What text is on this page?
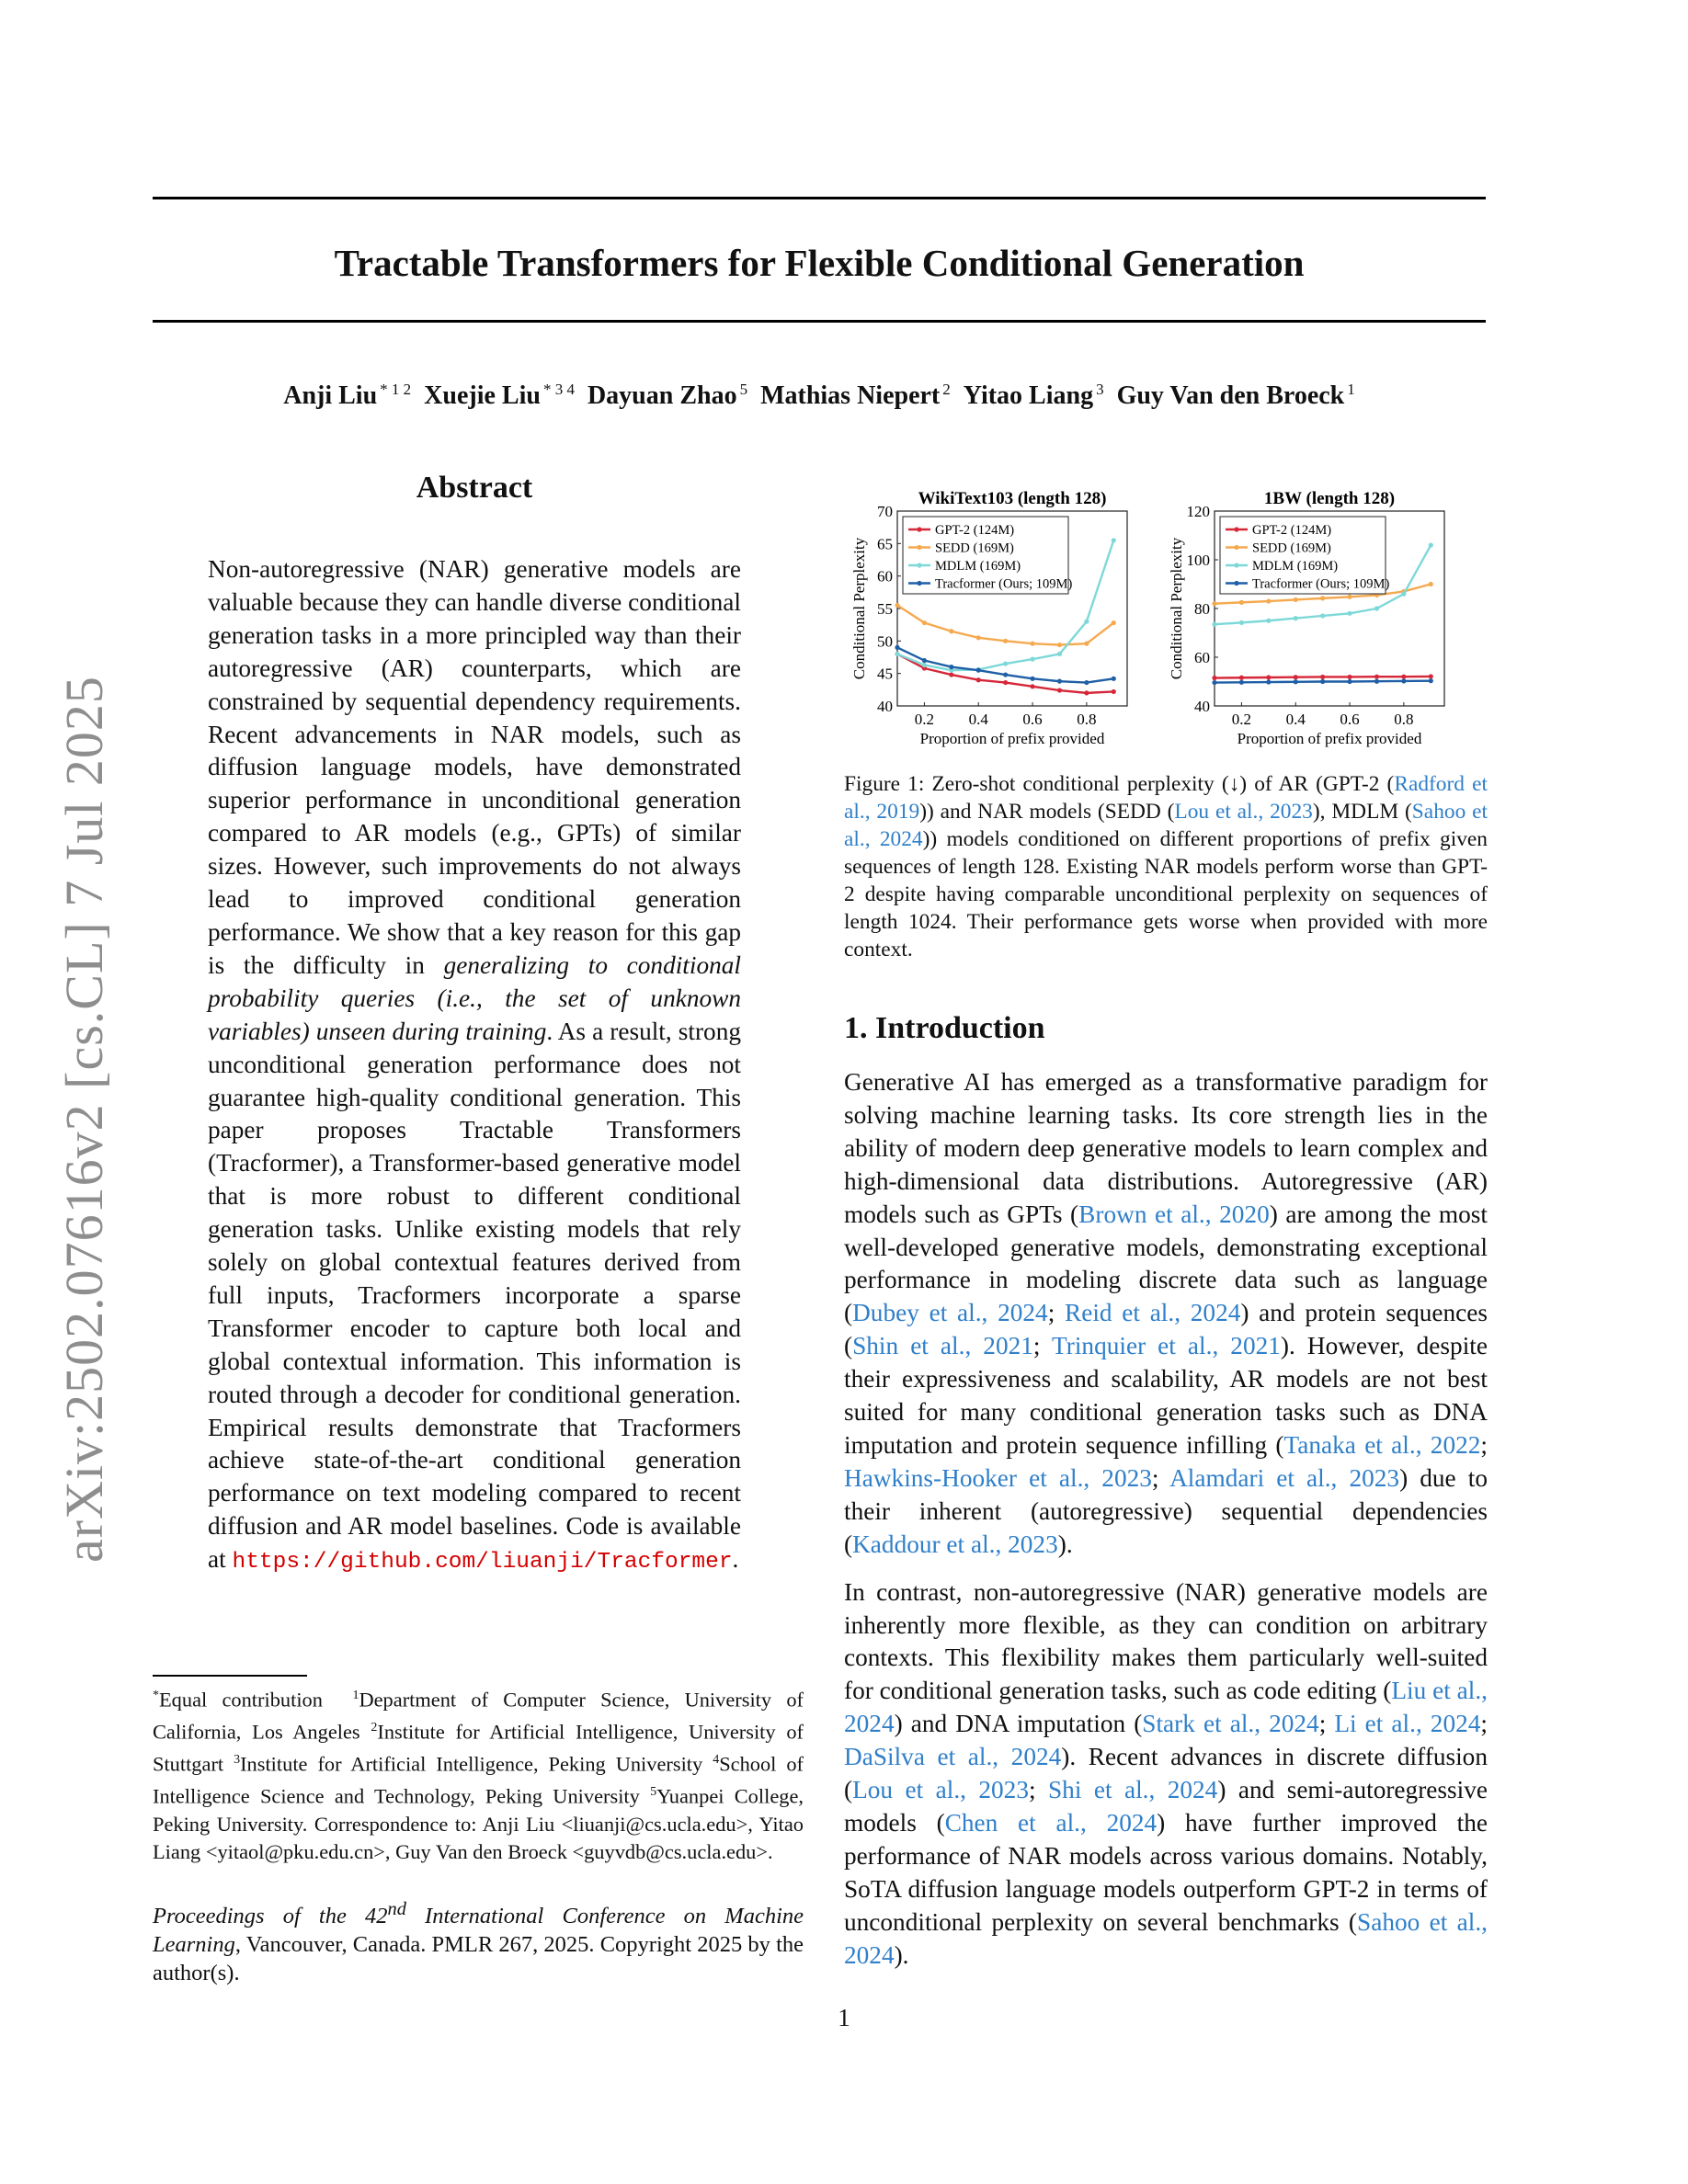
arXiv:2502.07616v2 [cs.CL] 7 Jul 2025
Tractable Transformers for Flexible Conditional Generation
Anji Liu $^{* 1 2}$ Xuejie Liu $^{* 3 4}$ Dayuan Zhao $^5$ Mathias Niepert $^2$ Yitao Liang $^3$ Guy Van den Broeck $^1$
Abstract

Non-autoregressive (NAR) generative models are valuable because they can handle diverse conditional generation tasks in a more principled way than their autoregressive (AR) counterparts, which are constrained by sequential dependency requirements. Recent advancements in NAR models, such as diffusion language models, have demonstrated superior performance in unconditional generation compared to AR models (e.g., GPTs) of similar sizes. However, such improvements do not always lead to improved conditional generation performance. We show that a key reason for this gap is the difficulty in generalizing to conditional probability queries (i.e., the set of unknown variables) unseen during training. As a result, strong unconditional generation performance does not guarantee high-quality conditional generation. This paper proposes Tractable Transformers (Tracformer), a Transformer-based generative model that is more robust to different conditional generation tasks. Unlike existing models that rely solely on global contextual features derived from full inputs, Tracformers incorporate a sparse Transformer encoder to capture both local and global contextual information. This information is routed through a decoder for conditional generation. Empirical results demonstrate that Tracformers achieve state-of-the-art conditional generation performance on text modeling compared to recent diffusion and AR model baselines. Code is available at https://github.com/liuanji/Tracformer.

*Equal contribution $^1$Department of Computer Science, University of California, Los Angeles $^2$Institute for Artificial Intelligence, University of Stuttgart $^3$Institute for Artificial Intelligence, Peking University $^4$School of Intelligence Science and Technology, Peking University $^5$Yuanpei College, Peking University. Correspondence to: Anji Liu <liuanji@cs.ucla.edu>, Yitao Liang <yitaol@pku.edu.cn>, Guy Van den Broeck <guyvdb@cs.ucla.edu>.
Proceedings of the 42nd International Conference on Machine Learning, Vancouver, Canada. PMLR 267, 2025. Copyright 2025 by the author(s).
WikiText103 (length 128)
40
45
50
55
60
65
70
0.2 0.4 0.6 0.8
Proportion of prefix provided
Conditional Perplexity
GPT-2 (124M)
SEDD (169M)
MDLM (169M)
Tracformer (Ours; 109M)
1BW (length 128)
40
60
80
100
120
0.2 0.4 0.6 0.8
Proportion of prefix provided
Conditional Perplexity
GPT-2 (124M)
SEDD (169M)
MDLM (169M)
Tracformer (Ours; 109M)
Figure 1: Zero-shot conditional perplexity (↓) of AR (GPT-2 (Radford et al., 2019)) and NAR models (SEDD (Lou et al., 2023), MDLM (Sahoo et al., 2024)) models conditioned on different proportions of prefix given sequences of length 128. Existing NAR models perform worse than GPT-2 despite having comparable unconditional perplexity on sequences of length 1024. Their performance gets worse when provided with more context.
1. Introduction

Generative AI has emerged as a transformative paradigm for solving machine learning tasks. Its core strength lies in the ability of modern deep generative models to learn complex and high-dimensional data distributions. Autoregressive (AR) models such as GPTs (Brown et al., 2020) are among the most well-developed generative models, demonstrating exceptional performance in modeling discrete data such as language (Dubey et al., 2024; Reid et al., 2024) and protein sequences (Shin et al., 2021; Trinquier et al., 2021). However, despite their expressiveness and scalability, AR models are not best suited for many conditional generation tasks such as DNA imputation and protein sequence infilling (Tanaka et al., 2022; Hawkins-Hooker et al., 2023; Alamdari et al., 2023) due to their inherent (autoregressive) sequential dependencies (Kaddour et al., 2023).

In contrast, non-autoregressive (NAR) generative models are inherently more flexible, as they can condition on arbitrary contexts. This flexibility makes them particularly well-suited for conditional generation tasks, such as code editing (Liu et al., 2024) and DNA imputation (Stark et al., 2024; Li et al., 2024; DaSilva et al., 2024). Recent advances in discrete diffusion (Lou et al., 2023; Shi et al., 2024) and semi-autoregressive models (Chen et al., 2024) have further improved the performance of NAR models across various domains. Notably, SoTA diffusion language models outperform GPT-2 in terms of unconditional perplexity on several benchmarks (Sahoo et al., 2024).

1
